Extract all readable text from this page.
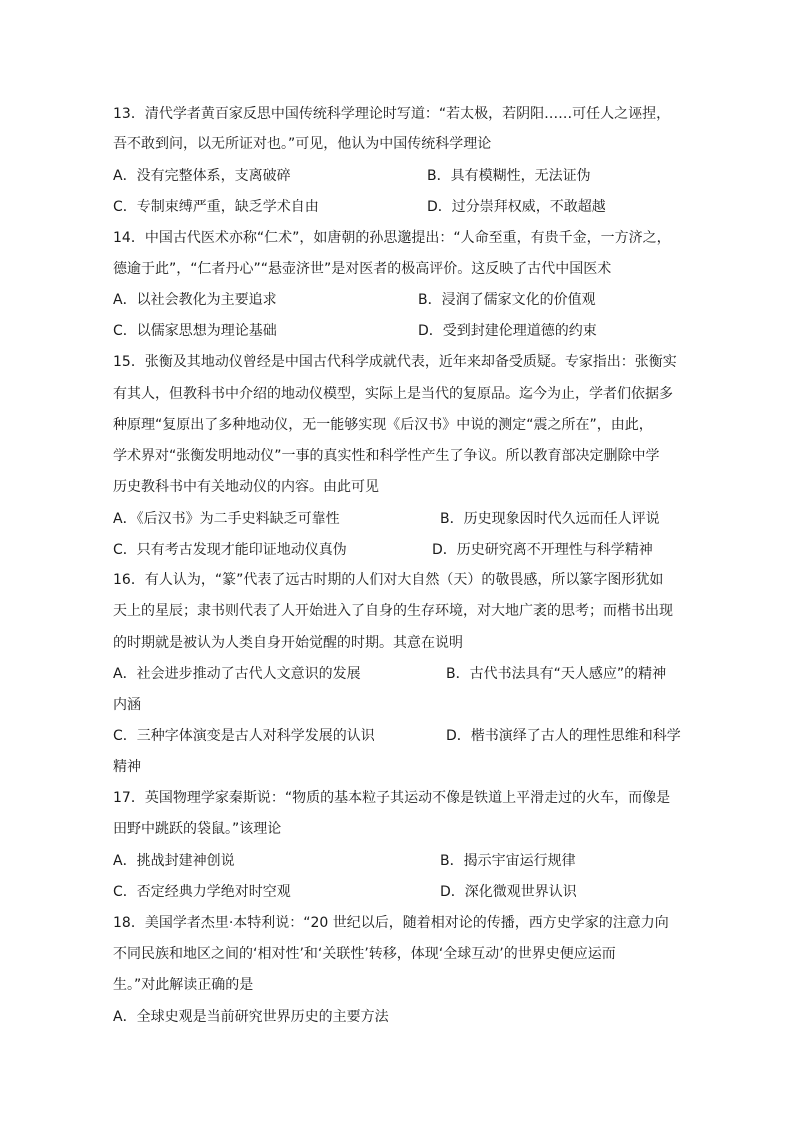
13．清代学者黄百家反思中国传统科学理论时写道：“若太极，若阴阳……可任人之诬捏，
吾不敢到问，以无所证对也。”可见，他认为中国传统科学理论
A．没有完整体系，支离破碎	B．具有模糊性，无法证伪
C．专制束缚严重，缺乏学术自由	D．过分崇拜权威，不敢超越
14．中国古代医术亦称“仁术”，如唐朝的孙思邈提出：“人命至重，有贵千金，一方济之，
德逾于此”，“仁者丹心”“悬壶济世”是对医者的极高评价。这反映了古代中国医术
A．以社会教化为主要追求	B．浸润了儒家文化的价值观
C．以儒家思想为理论基础	D．受到封建伦理道德的约束
15．张衡及其地动仪曾经是中国古代科学成就代表，近年来却备受质疑。专家指出：张衡实
有其人，但教科书中介绍的地动仪模型，实际上是当代的复原品。迄今为止，学者们依据多
种原理“复原出了多种地动仪，无一能够实现《后汉书》中说的测定“震之所在”，由此，
学术界对“张衡发明地动仪”一事的真实性和科学性产生了争议。所以教育部决定删除中学
历史教科书中有关地动仪的内容。由此可见
A．《后汉书》为二手史料缺乏可靠性	B．历史现象因时代久远而任人评说
C．只有考古发现才能印证地动仪真伪	D．历史研究离不开理性与科学精神
16．有人认为，“篆”代表了远古时期的人们对大自然（天）的敬畏感，所以篆字图形犹如
天上的星辰；隶书则代表了人开始进入了自身的生存环境，对大地广袤的思考；而楷书出现
的时期就是被认为人类自身开始觉醒的时期。其意在说明
A．社会进步推动了古代人文意识的发展	B．古代书法具有“天人感应”的精神
内涵
C．三种字体演变是古人对科学发展的认识	D．楷书演绎了古人的理性思维和科学
精神
17．英国物理学家秦斯说：“物质的基本粒子其运动不像是铁道上平滑走过的火车，而像是
田野中跳跃的袋鼠。”该理论
A．挑战封建神创说	B．揭示宇宙运行规律
C．否定经典力学绝对时空观	D．深化微观世界认识
18．美国学者杰里·本特利说：“20 世纪以后，随着相对论的传播，西方史学家的注意力向
不同民族和地区之间的‘相对性’和‘关联性’转移，体现‘全球互动’的世界史便应运而
生。”对此解读正确的是
A．全球史观是当前研究世界历史的主要方法
